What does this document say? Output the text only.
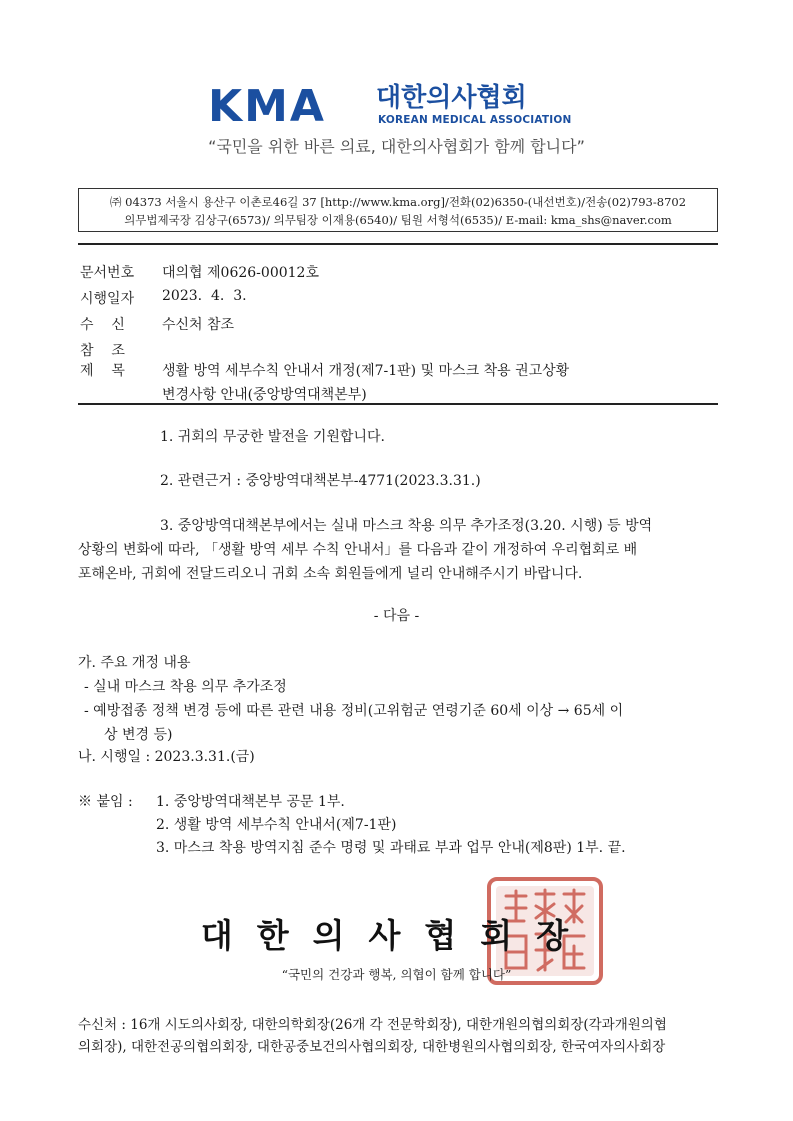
KMA 대한의사협회
KOREAN MEDICAL ASSOCIATION
“국민을 위한 바른 의료, 대한의사협회가 함께 합니다”
㈜ 04373 서울시 용산구 이촌로46길 37 [http://www.kma.org]/전화(02)6350-(내선번호)/전송(02)793-8702
의무법제국장 김상구(6573)/ 의무팀장 이재용(6540)/ 팀원 서형석(6535)/ E-mail: kma_shs@naver.com
문서번호 대의협 제0626-00012호
시행일자 2023.  4.  3.
수    신	수신처 참조
참    조
제    목	생활 방역 세부수칙 안내서 개정(제7-1판) 및 마스크 착용 권고상황
변경사항 안내(중앙방역대책본부)
1. 귀회의 무궁한 발전을 기원합니다.
2. 관련근거 : 중앙방역대책본부-4771(2023.3.31.)
3. 중앙방역대책본부에서는 실내 마스크 착용 의무 추가조정(3.20. 시행) 등 방역
상황의 변화에 따라, 「생활 방역 세부 수칙 안내서」를 다음과 같이 개정하여 우리협회로 배
포해온바, 귀회에 전달드리오니 귀회 소속 회원들에게 널리 안내해주시기 바랍니다.
- 다음 -
가. 주요 개정 내용
- 실내 마스크 착용 의무 추가조정
- 예방접종 정책 변경 등에 따른 관련 내용 정비(고위험군 연령기준 60세 이상 → 65세 이
상 변경 등)
나. 시행일 : 2023.3.31.(금)
※ 붙임 : 1. 중앙방역대책본부 공문 1부.
2. 생활 방역 세부수칙 안내서(제7-1판)
3. 마스크 착용 방역지침 준수 명령 및 과태료 부과 업무 안내(제8판) 1부. 끝.
대한의사협회장
“국민의 건강과 행복, 의협이 함께 합니다”
수신처 : 16개 시도의사회장, 대한의학회장(26개 각 전문학회장), 대한개원의협의회장(각과개원의협
의회장), 대한전공의협의회장, 대한공중보건의사협의회장, 대한병원의사협의회장, 한국여자의사회장
